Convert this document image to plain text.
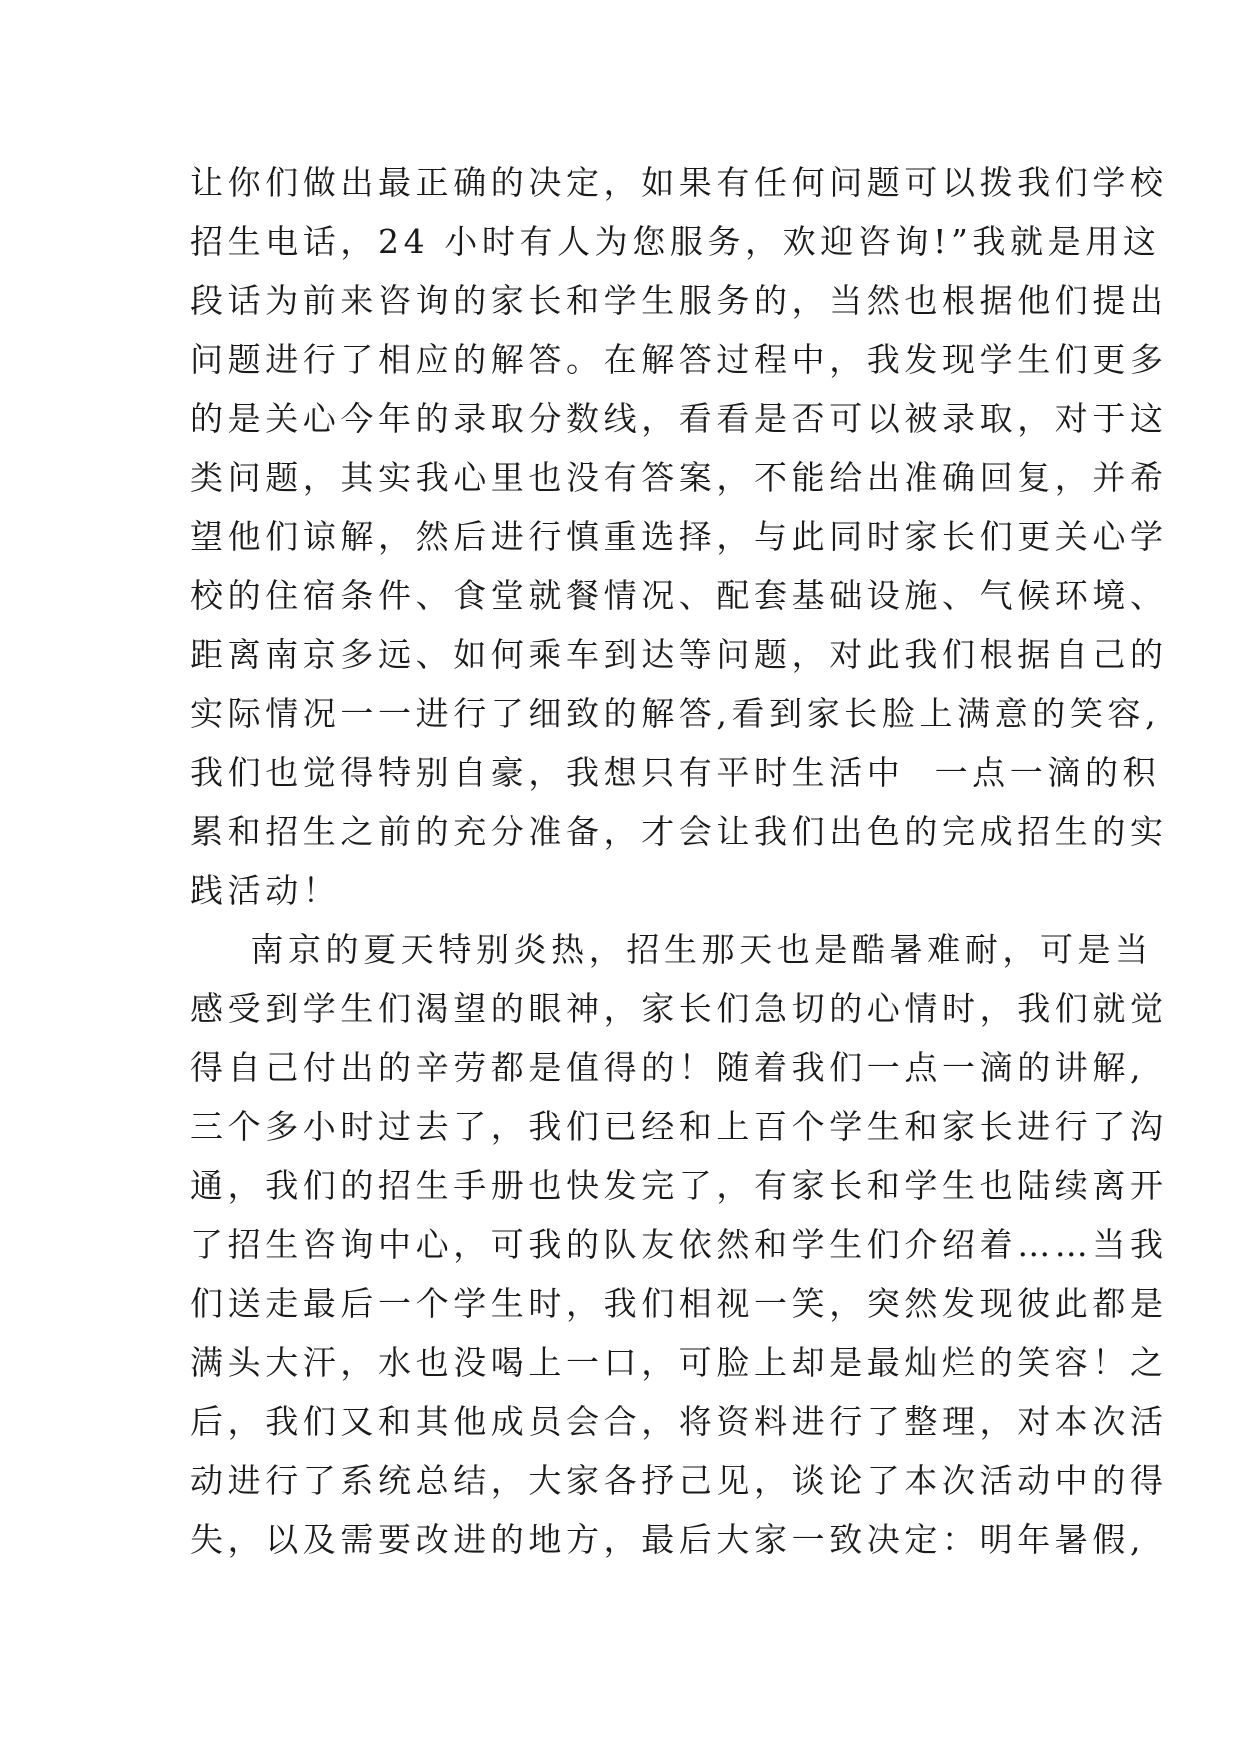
让你们做出最正确的决定，如果有任何问题可以拨我们学校
招生电话，24 小时有人为您服务，欢迎咨询!”我就是用这
段话为前来咨询的家长和学生服务的，当然也根据他们提出
问题进行了相应的解答。在解答过程中，我发现学生们更多
的是关心今年的录取分数线，看看是否可以被录取，对于这
类问题，其实我心里也没有答案，不能给出准确回复，并希
望他们谅解，然后进行慎重选择，与此同时家长们更关心学
校的住宿条件、食堂就餐情况、配套基础设施、气候环境、
距离南京多远、如何乘车到达等问题，对此我们根据自己的
实际情况一一进行了细致的解答,看到家长脸上满意的笑容,
我们也觉得特别自豪，我想只有平时生活中  一点一滴的积
累和招生之前的充分准备，才会让我们出色的完成招生的实
践活动！
南京的夏天特别炎热，招生那天也是酷暑难耐，可是当
感受到学生们渴望的眼神，家长们急切的心情时，我们就觉
得自己付出的辛劳都是值得的！随着我们一点一滴的讲解,
三个多小时过去了，我们已经和上百个学生和家长进行了沟
通，我们的招生手册也快发完了，有家长和学生也陆续离开
了招生咨询中心，可我的队友依然和学生们介绍着……当我
们送走最后一个学生时，我们相视一笑，突然发现彼此都是
满头大汗，水也没喝上一口，可脸上却是最灿烂的笑容！之
后，我们又和其他成员会合，将资料进行了整理，对本次活
动进行了系统总结，大家各抒己见，谈论了本次活动中的得
失，以及需要改进的地方，最后大家一致决定：明年暑假,
